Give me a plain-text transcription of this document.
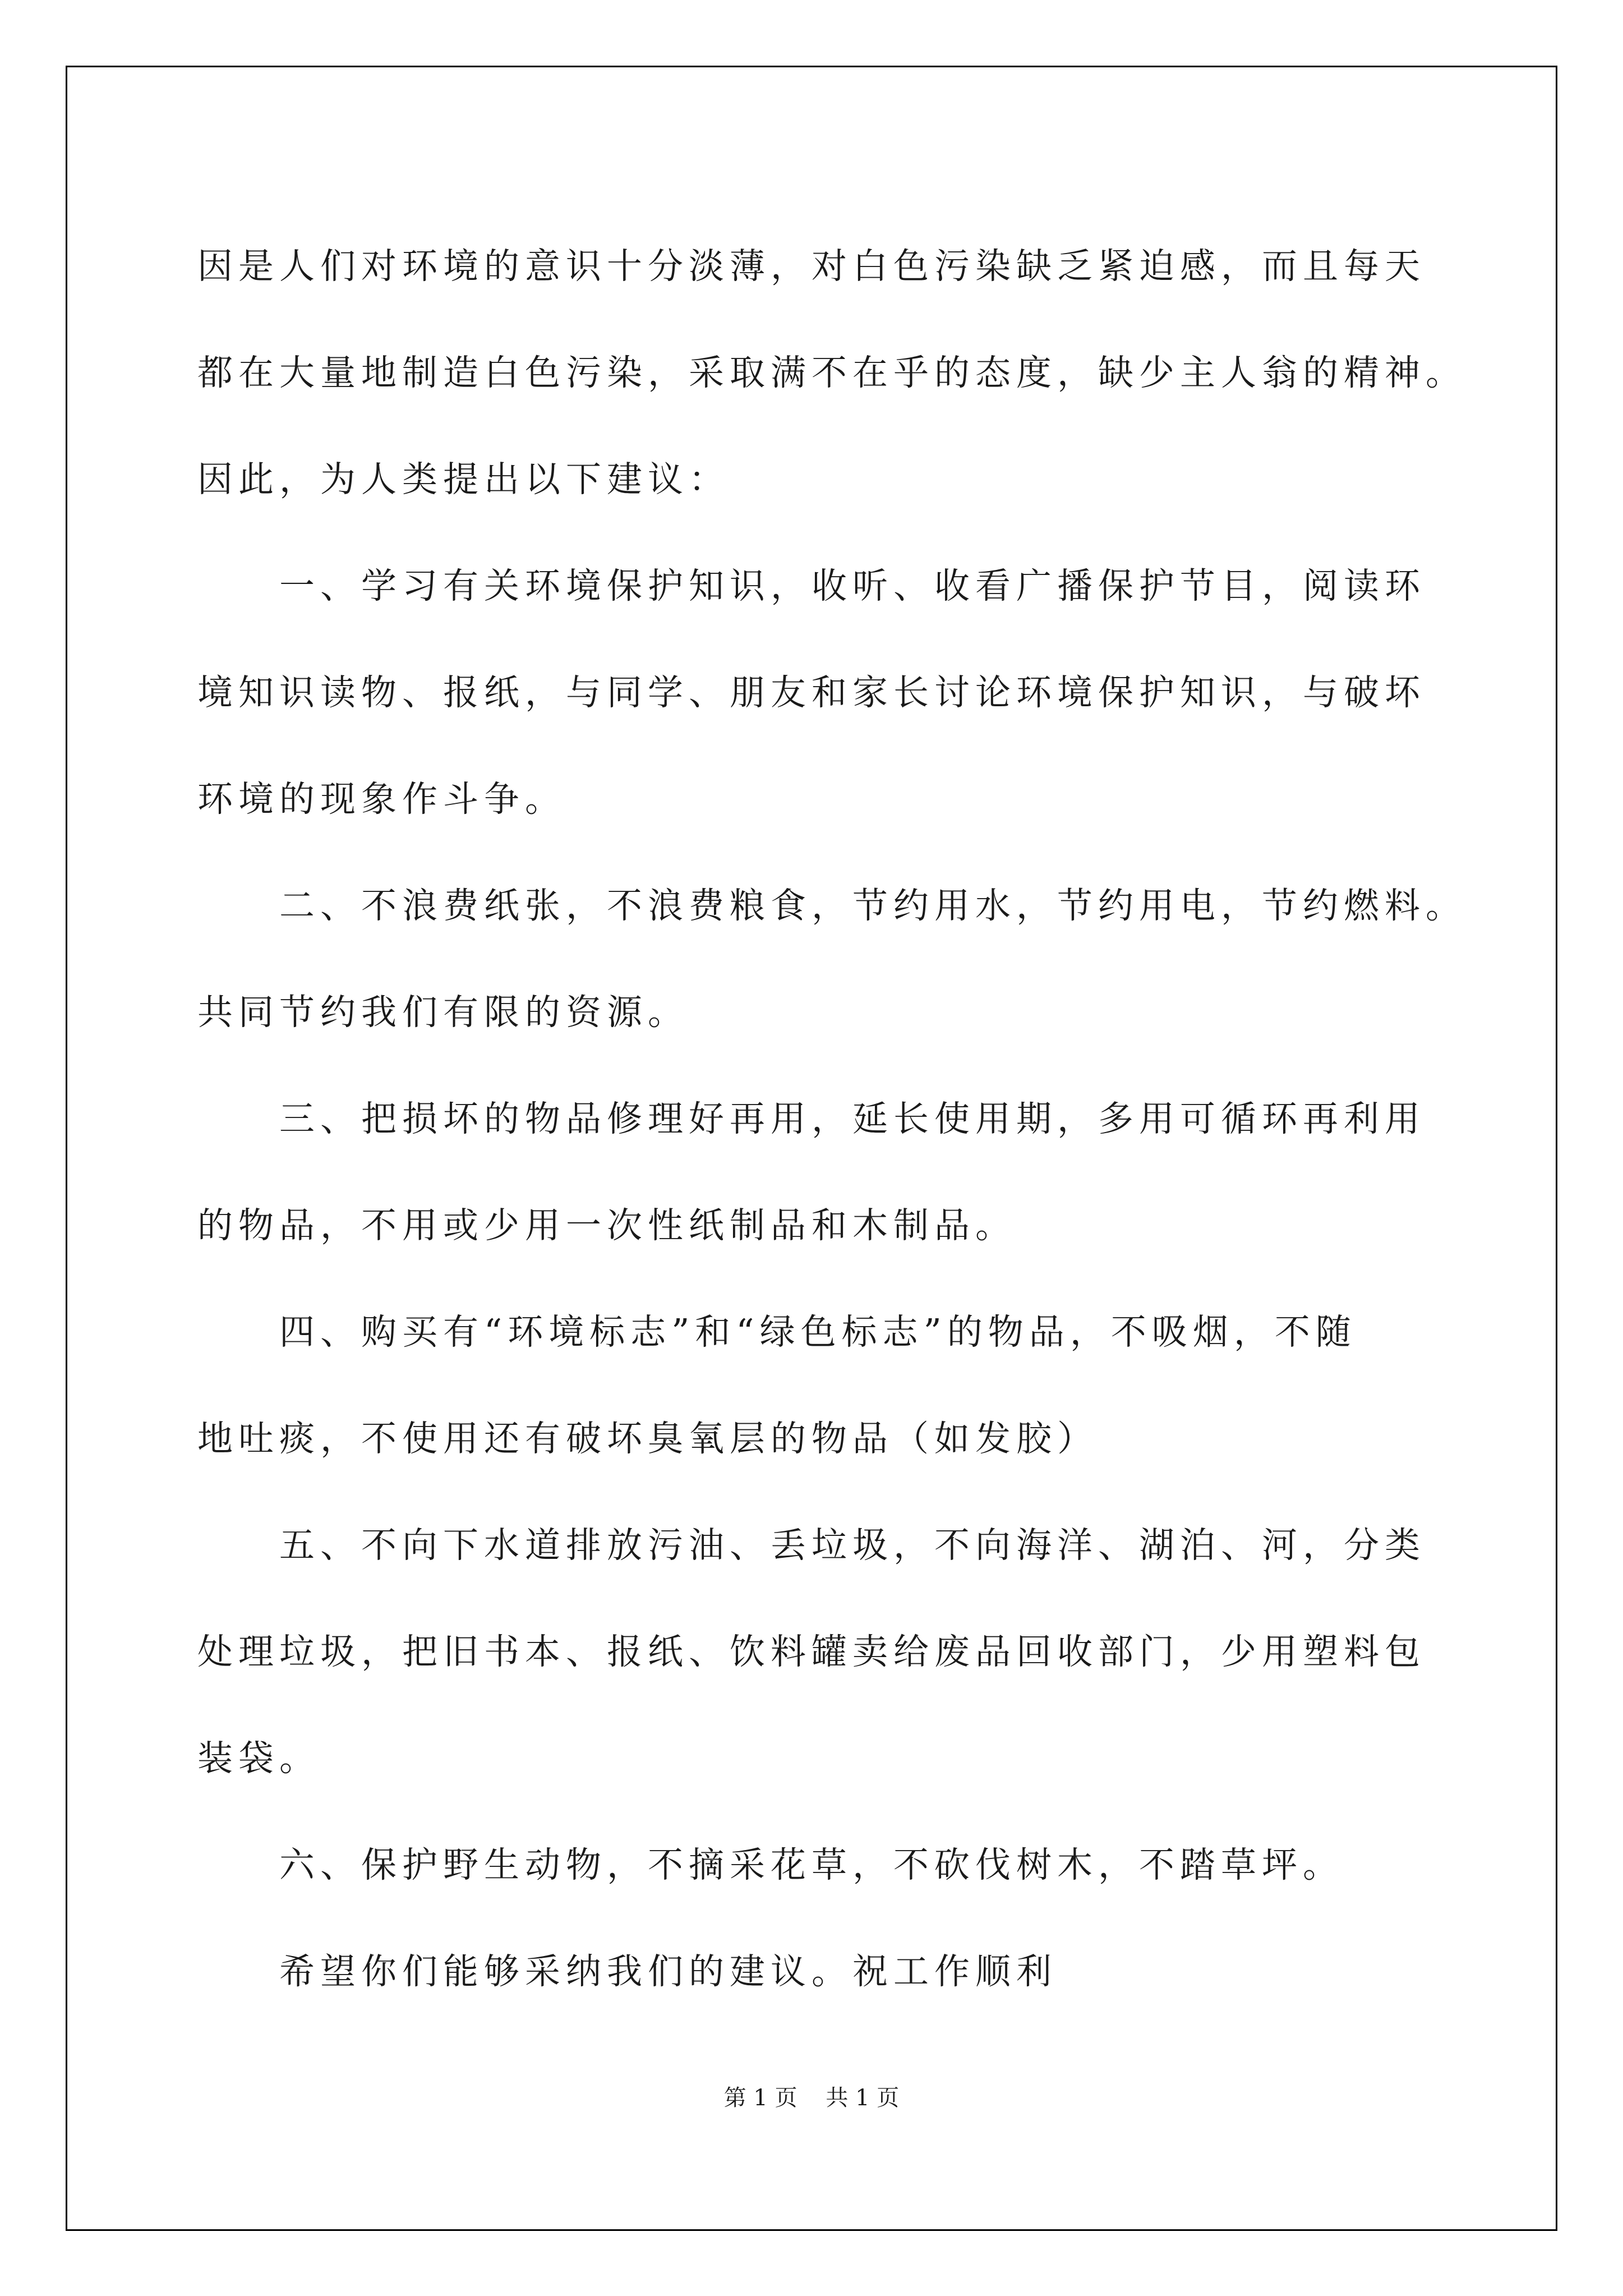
因是人们对环境的意识十分淡薄，对白色污染缺乏紧迫感，而且每天
都在大量地制造白色污染，采取满不在乎的态度，缺少主人翁的精神。
因此，为人类提出以下建议：
一、学习有关环境保护知识，收听、收看广播保护节目，阅读环
境知识读物、报纸，与同学、朋友和家长讨论环境保护知识，与破坏
环境的现象作斗争。
二、不浪费纸张，不浪费粮食，节约用水，节约用电，节约燃料。
共同节约我们有限的资源。
三、把损坏的物品修理好再用，延长使用期，多用可循环再利用
的物品，不用或少用一次性纸制品和木制品。
四、购买有“环境标志”和“绿色标志”的物品，不吸烟，不随
地吐痰，不使用还有破坏臭氧层的物品（如发胶）
五、不向下水道排放污油、丢垃圾，不向海洋、湖泊、河，分类
处理垃圾，把旧书本、报纸、饮料罐卖给废品回收部门，少用塑料包
装袋。
六、保护野生动物，不摘采花草，不砍伐树木，不踏草坪。
希望你们能够采纳我们的建议。祝工作顺利
第 1 页    共 1 页
